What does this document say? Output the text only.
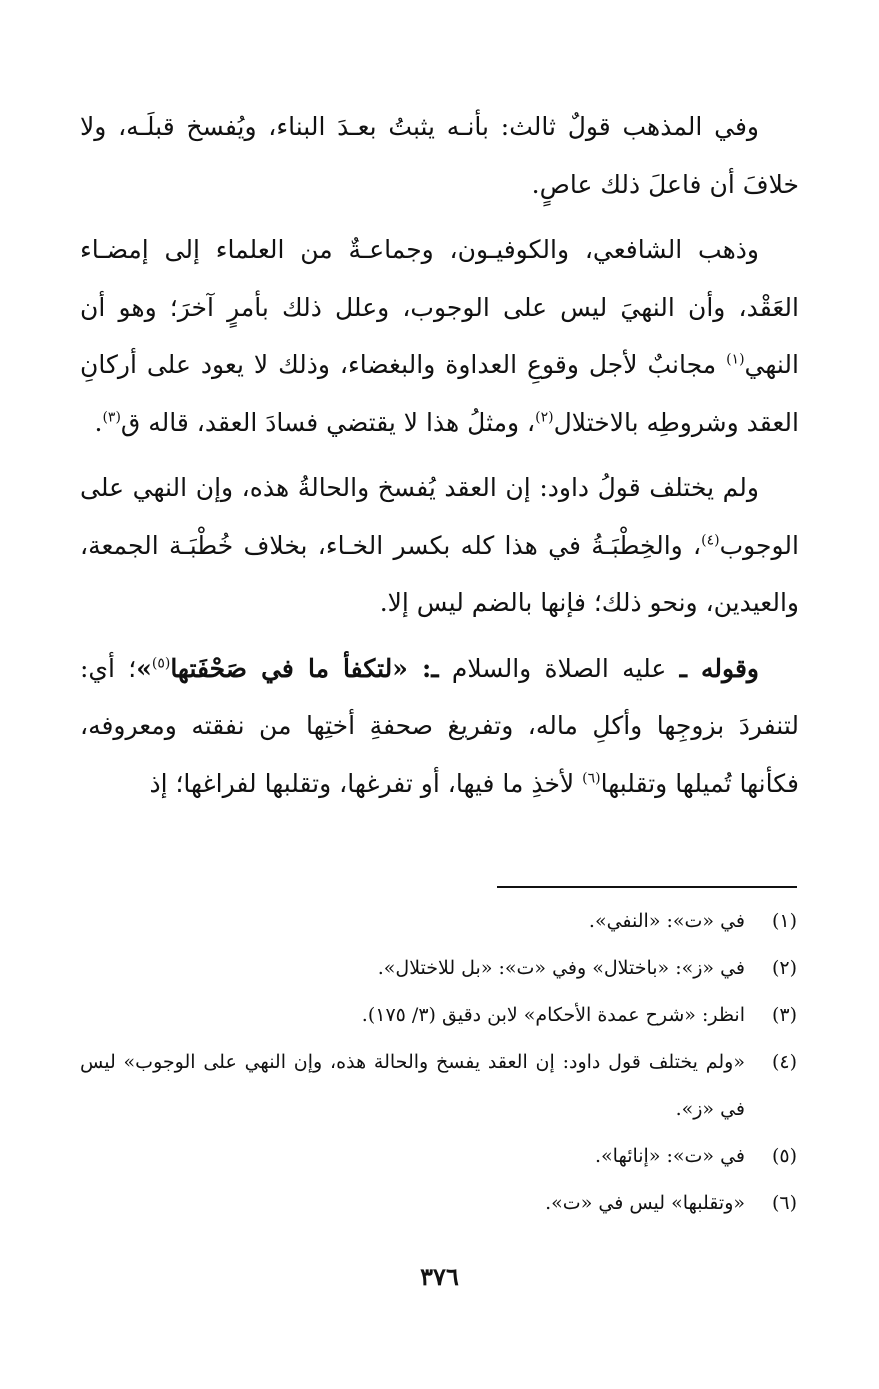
وفي المذهب قولٌ ثالث: بأنـه يثبتُ بعـدَ البناء، ويُفسخ قبلَـه، ولا خلافَ أن فاعلَ ذلك عاصٍ.

وذهب الشافعي، والكوفيـون، وجماعـةٌ من العلماء إلى إمضـاء العَقْد، وأن النهيَ ليس على الوجوب، وعلل ذلك بأمرٍ آخرَ؛ وهو أن النهي$^{(١)}$ مجانبٌ لأجل وقوعِ العداوة والبغضاء، وذلك لا يعود على أركانِ العقد وشروطِه بالاختلال$^{(٢)}$، ومثلُ هذا لا يقتضي فسادَ العقد، قاله ق$^{(٣)}$.

ولم يختلف قولُ داود: إن العقد يُفسخ والحالةُ هذه، وإن النهي على الوجوب$^{(٤)}$، والخِطْبَـةُ في هذا كله بكسر الخـاء، بخلاف خُطْبَـة الجمعة، والعيدين، ونحو ذلك؛ فإنها بالضم ليس إلا.

وقوله ـ عليه الصلاة والسلام ـ: «لتكفأ ما في صَحْفَتها$^{(٥)}$»؛ أي: لتنفردَ بزوجِها وأكلِ ماله، وتفريغ صحفةِ أختِها من نفقته ومعروفه، فكأنها تُميلها وتقلبها$^{(٦)}$ لأخذِ ما فيها، أو تفرغها، وتقلبها لفراغها؛ إذ

(١)
في «ت»: «النفي».
(٢)
في «ز»: «باختلال» وفي «ت»: «بل للاختلال».
(٣)
انظر: «شرح عمدة الأحكام» لابن دقيق (٣/ ١٧٥).
(٤)
«ولم يختلف قول داود: إن العقد يفسخ والحالة هذه، وإن النهي على الوجوب» ليس في «ز».
(٥)
في «ت»: «إنائها».
(٦)
«وتقلبها» ليس في «ت».
٣٧٦
